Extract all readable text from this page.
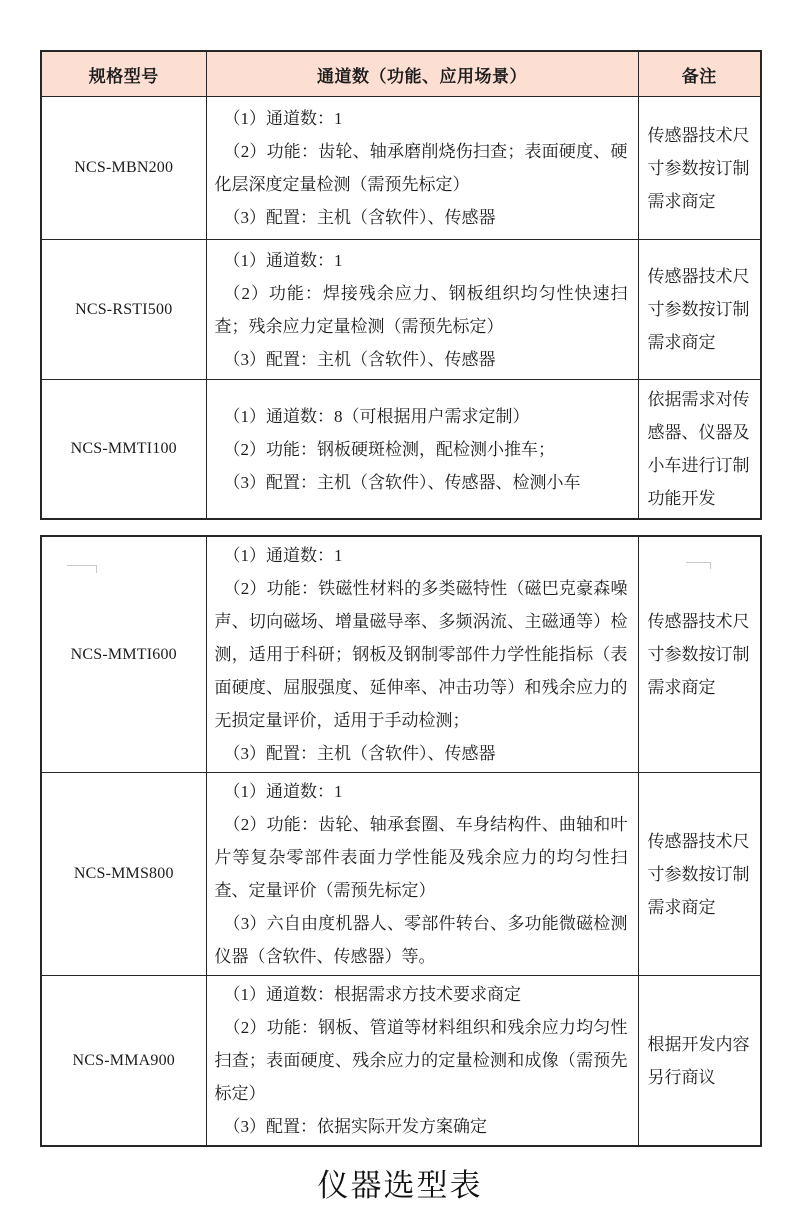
规格型号	通道数（功能、应用场景）	备注
NCS-MBN200	（1）通道数：1

（2）功能：齿轮、轴承磨削烧伤扫查；表面硬度、硬化层深度定量检测（需预先标定）

（3）配置：主机（含软件）、传感器	传感器技术尺寸参数按订制需求商定
NCS-RSTI500	（1）通道数：1

（2）功能：焊接残余应力、钢板组织均匀性快速扫查；残余应力定量检测（需预先标定）

（3）配置：主机（含软件）、传感器	传感器技术尺寸参数按订制需求商定
NCS-MMTI100	（1）通道数：8（可根据用户需求定制）

（2）功能：钢板硬斑检测，配检测小推车；

（3）配置：主机（含软件）、传感器、检测小车	依据需求对传感器、仪器及小车进行订制功能开发
NCS-MMTI600	（1）通道数：1

（2）功能：铁磁性材料的多类磁特性（磁巴克豪森噪声、切向磁场、增量磁导率、多频涡流、主磁通等）检测，适用于科研；钢板及钢制零部件力学性能指标（表面硬度、屈服强度、延伸率、冲击功等）和残余应力的无损定量评价，适用于手动检测；

（3）配置：主机（含软件）、传感器	传感器技术尺寸参数按订制需求商定
NCS-MMS800	（1）通道数：1

（2）功能：齿轮、轴承套圈、车身结构件、曲轴和叶片等复杂零部件表面力学性能及残余应力的均匀性扫查、定量评价（需预先标定）

（3）六自由度机器人、零部件转台、多功能微磁检测仪器（含软件、传感器）等。	传感器技术尺寸参数按订制需求商定
NCS-MMA900	（1）通道数：根据需求方技术要求商定

（2）功能：钢板、管道等材料组织和残余应力均匀性扫查；表面硬度、残余应力的定量检测和成像（需预先标定）

（3）配置：依据实际开发方案确定	根据开发内容另行商议
仪器选型表
